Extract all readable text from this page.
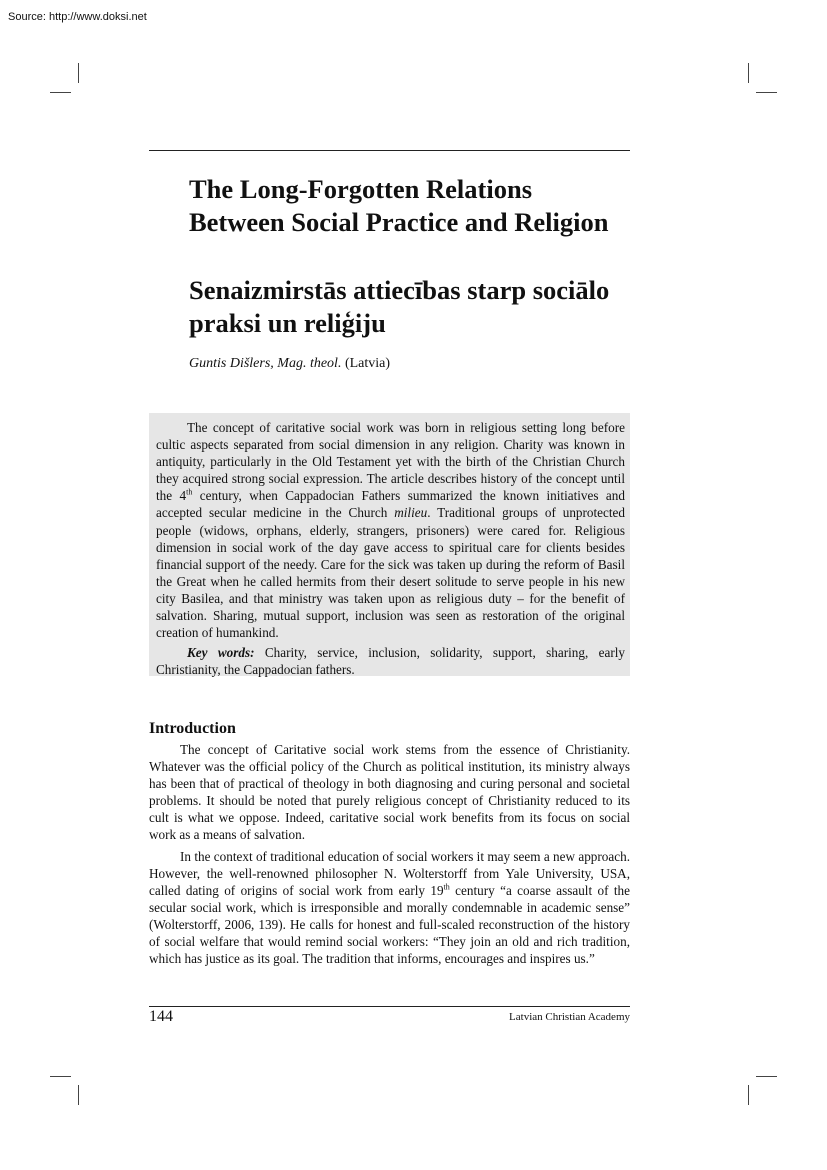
Source: http://www.doksi.net
The Long-Forgotten Relations
Between Social Practice and Religion
Senaizmirstās attiecības starp sociālo
praksi un reliģiju
Guntis Dišlers, Mag. theol. (Latvia)

The concept of caritative social work was born in religious setting long before cultic aspects separated from social dimension in any religion. Charity was known in antiquity, particularly in the Old Testament yet with the birth of the Christian Church they acquired strong social expression. The article describes history of the concept until the 4th century, when Cappadocian Fathers summarized the known initiatives and accepted secular medicine in the Church milieu. Traditional groups of unprotected people (widows, orphans, elderly, strangers, prisoners) were cared for. Religious dimension in social work of the day gave access to spiritual care for clients besides financial support of the needy. Care for the sick was taken up during the reform of Basil the Great when he called hermits from their desert solitude to serve people in his new city Basilea, and that ministry was taken upon as religious duty – for the benefit of salvation. Sharing, mutual support, inclusion was seen as restoration of the original creation of humankind.

Key words: Charity, service, inclusion, solidarity, support, sharing, early Christianity, the Cappadocian fathers.

Introduction

The concept of Caritative social work stems from the essence of Christianity. Whatever was the official policy of the Church as political institution, its ministry always has been that of practical of theology in both diagnosing and curing personal and societal problems. It should be noted that purely religious concept of Christianity reduced to its cult is what we oppose. Indeed, caritative social work benefits from its focus on social work as a means of salvation.

In the context of traditional education of social workers it may seem a new approach. However, the well-renowned philosopher N. Wolterstorff from Yale University, USA, called dating of origins of social work from early 19th century “a coarse assault of the secular social work, which is irresponsible and morally condemnable in academic sense” (Wolterstorff, 2006, 139). He calls for honest and full-scaled reconstruction of the history of social welfare that would remind social workers: “They join an old and rich tradition, which has justice as its goal. The tradition that informs, encourages and inspires us.”

144	Latvian Christian Academy
